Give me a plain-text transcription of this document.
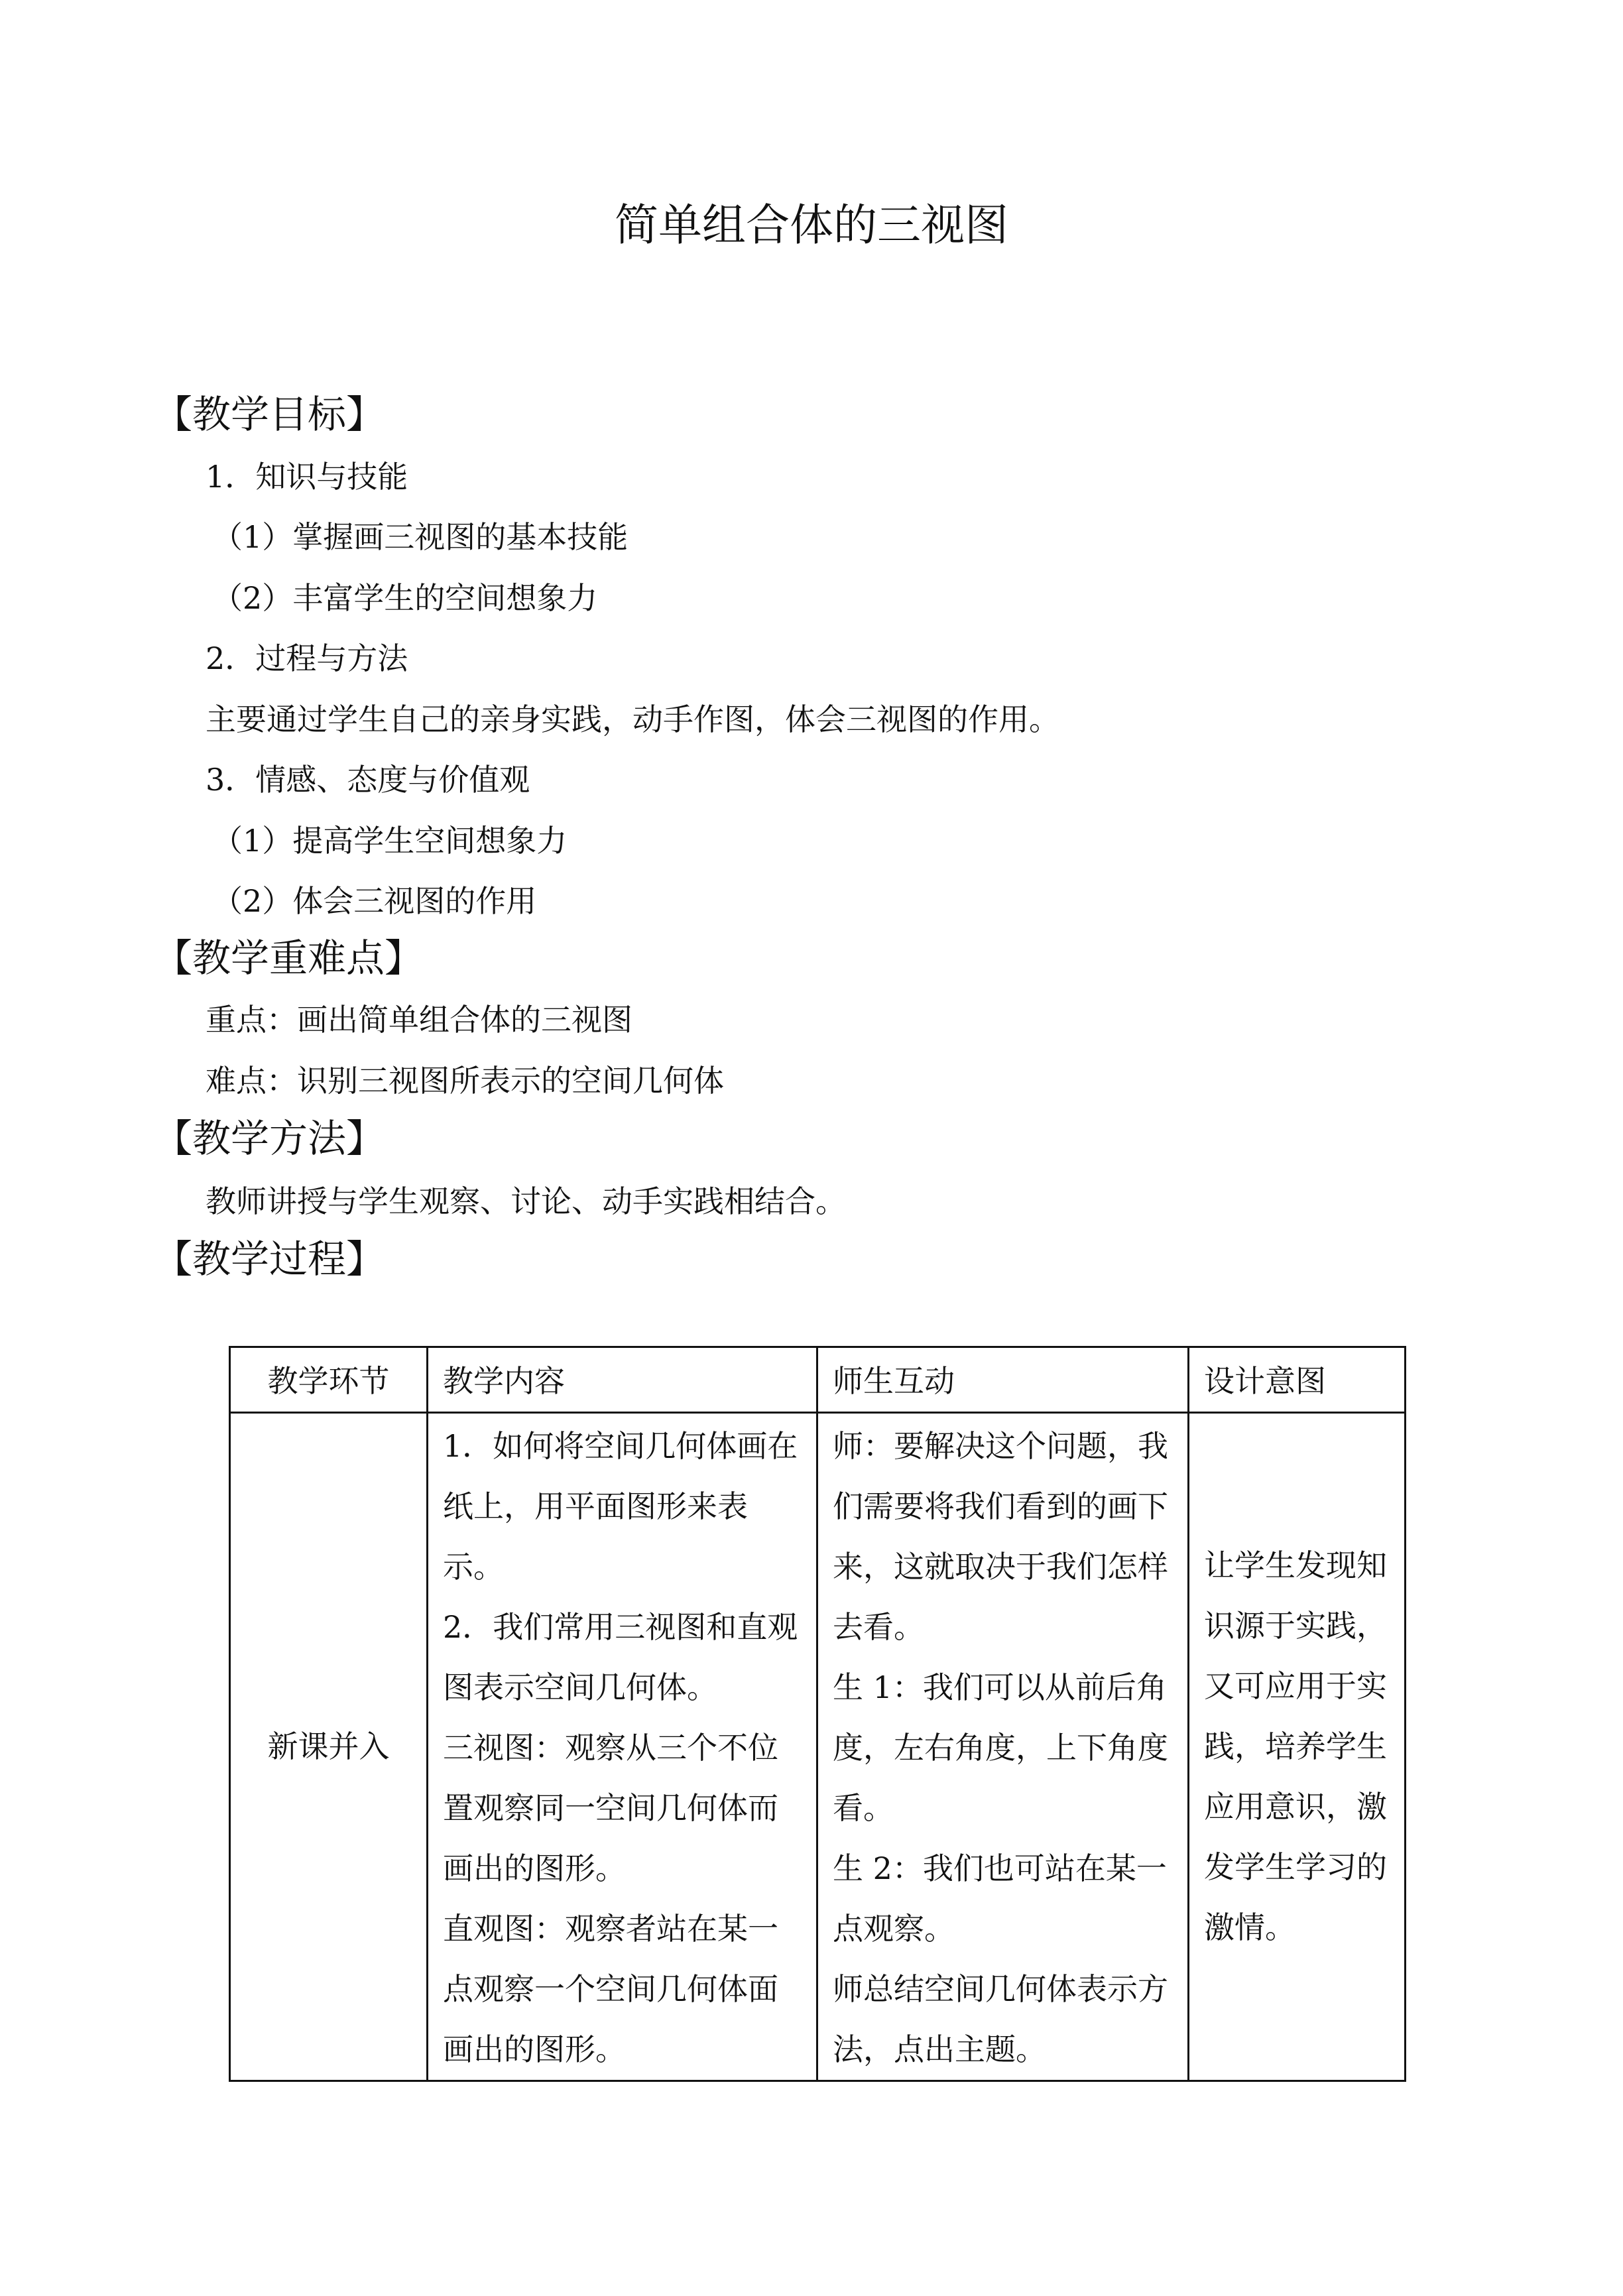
简单组合体的三视图
【教学目标】
1．知识与技能
（1）掌握画三视图的基本技能
（2）丰富学生的空间想象力
2．过程与方法
主要通过学生自己的亲身实践，动手作图，体会三视图的作用。
3．情感、态度与价值观
（1）提高学生空间想象力
（2）体会三视图的作用
【教学重难点】
重点：画出简单组合体的三视图
难点：识别三视图所表示的空间几何体
【教学方法】
教师讲授与学生观察、讨论、动手实践相结合。
【教学过程】
教学环节	教学内容	师生互动	设计意图
新课并入	1．如何将空间几何体画在纸上，用平面图形来表示。
2．我们常用三视图和直观图表示空间几何体。
三视图：观察从三个不位置观察同一空间几何体而画出的图形。
直观图：观察者站在某一点观察一个空间几何体面画出的图形。	师：要解决这个问题，我们需要将我们看到的画下来，这就取决于我们怎样去看。
生 1：我们可以从前后角度，左右角度，上下角度看。
生 2：我们也可站在某一点观察。
师总结空间几何体表示方法，点出主题。	让学生发现知识源于实践，又可应用于实践，培养学生应用意识，激发学生学习的激情。
